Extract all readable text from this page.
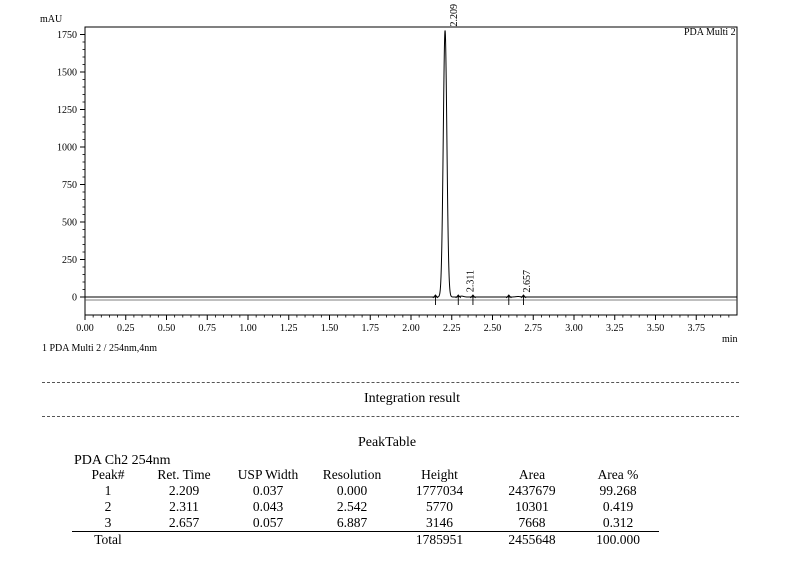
mAU
min
PDA Multi 2
0
250
500
750
1000
1250
1500
1750
0.00 0.25 0.50 0.75 1.00 1.25 1.50 1.75 2.00 2.25 2.50 2.75 3.00 3.25 3.50 3.75
2.209
2.311	2.657
1 PDA Multi 2 / 254nm,4nm
Integration result
PeakTable
PDA Ch2 254nm
Peak#	Ret. Time	USP Width	Resolution	Height	Area	Area %
1	2.209	0.037	0.000	1777034	2437679	99.268
2	2.311	0.043	2.542	5770	10301	0.419
3	2.657	0.057	6.887	3146	7668	0.312
Total				1785951	2455648	100.000
